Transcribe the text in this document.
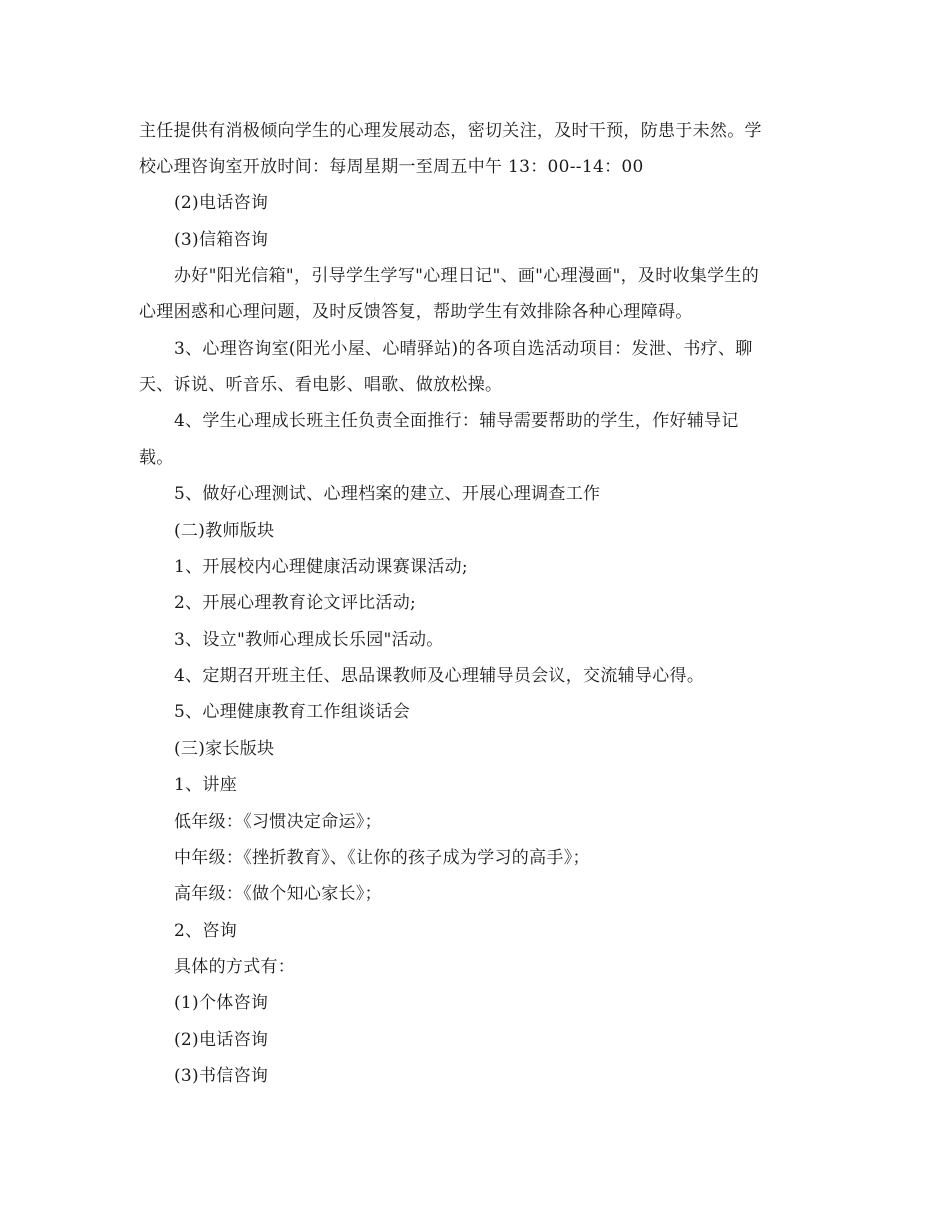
主任提供有消极倾向学生的心理发展动态，密切关注，及时干预，防患于未然。学
校心理咨询室开放时间：每周星期一至周五中午 13：00--14：00
(2)电话咨询
(3)信箱咨询
办好"阳光信箱"，引导学生学写"心理日记"、画"心理漫画"，及时收集学生的
心理困惑和心理问题，及时反馈答复，帮助学生有效排除各种心理障碍。
3、心理咨询室(阳光小屋、心晴驿站)的各项自选活动项目：发泄、书疗、聊
天、诉说、听音乐、看电影、唱歌、做放松操。
4、学生心理成长班主任负责全面推行：辅导需要帮助的学生，作好辅导记
载。
5、做好心理测试、心理档案的建立、开展心理调查工作
(二)教师版块
1、开展校内心理健康活动课赛课活动;
2、开展心理教育论文评比活动;
3、设立"教师心理成长乐园"活动。
4、定期召开班主任、思品课教师及心理辅导员会议，交流辅导心得。
5、心理健康教育工作组谈话会
(三)家长版块
1、讲座
低年级：《习惯决定命运》；
中年级：《挫折教育》、《让你的孩子成为学习的高手》；
高年级：《做个知心家长》；
2、咨询
具体的方式有：
(1)个体咨询
(2)电话咨询
(3)书信咨询
